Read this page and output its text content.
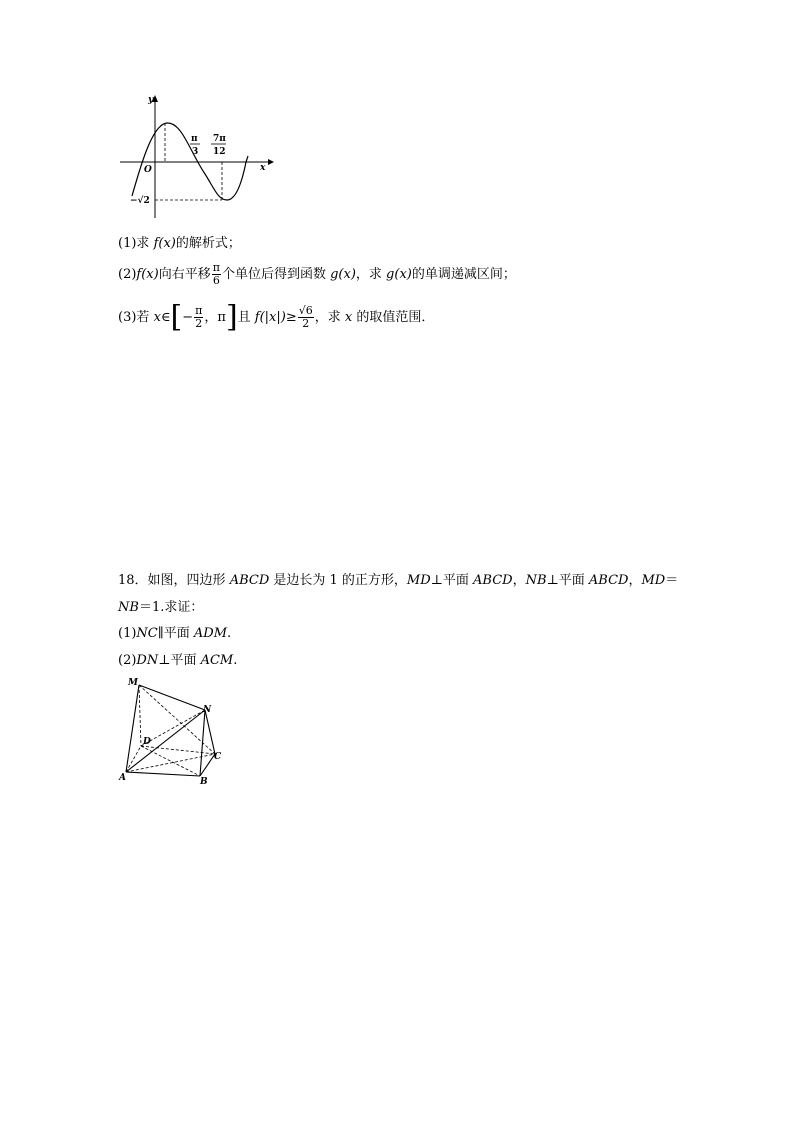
y
x
O
π
3
7π
12
−√2
(1)求 f(x)的解析式；
(2)f(x)向右平移 $\frac{\pi}{6}$ 个单位后得到函数 g(x)，求 g(x)的单调递减区间；
(3)若 x∈[− $\frac{\pi}{2}$ ，π]且 $f(|x|)\ge \frac{√6}{2}$ ，求 x 的取值范围．
18．如图，四边形 ABCD 是边长为 1 的正方形，MD⊥平面 ABCD，NB⊥平面 ABCD，MD＝
NB＝1.求证：
(1)NC∥平面 ADM.
(2)DN⊥平面 ACM.
M
N
D
C
A	B
